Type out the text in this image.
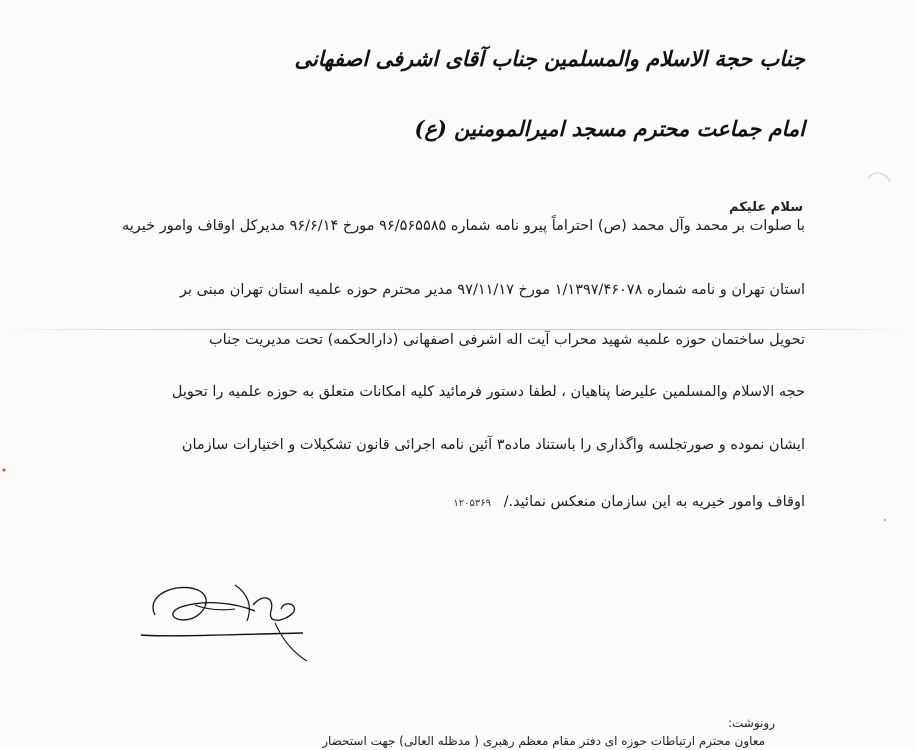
جناب حجة الاسلام والمسلمین جناب آقای اشرفی اصفهانی
امام جماعت محترم مسجد امیرالمومنین (ع)
سلام علیکم
با صلوات بر محمد وآل محمد (ص) احتراماً پیرو نامه شماره ۹۶/۵۶۵۵۸۵ مورخ ۹۶/۶/۱۴ مدیرکل اوقاف وامور خیریه
استان تهران و نامه شماره ۱/۱۳۹۷/۴۶۰۷۸ مورخ ۹۷/۱۱/۱۷ مدیر محترم حوزه علمیه استان تهران مبنی بر
تحویل ساختمان حوزه علمیه شهید محراب آیت اله اشرفی اصفهانی (دارالحکمه) تحت مدیریت جناب
حجه الاسلام والمسلمین علیرضا پناهیان ، لطفا دستور فرمائید کلیه امکانات متعلق به حوزه علمیه را تحویل
ایشان نموده و صورتجلسه واگذاری را باستناد ماده۳ آئین نامه اجرائی قانون تشکیلات و اختیارات سازمان
اوقاف وامور خیریه به این سازمان منعکس نمائید./ ۱۲۰۵۳۶۹
رونوشت:
معاون محترم ارتباطات حوزه ای دفتر مقام معظم رهبری ( مدظله العالی) جهت استحضار
